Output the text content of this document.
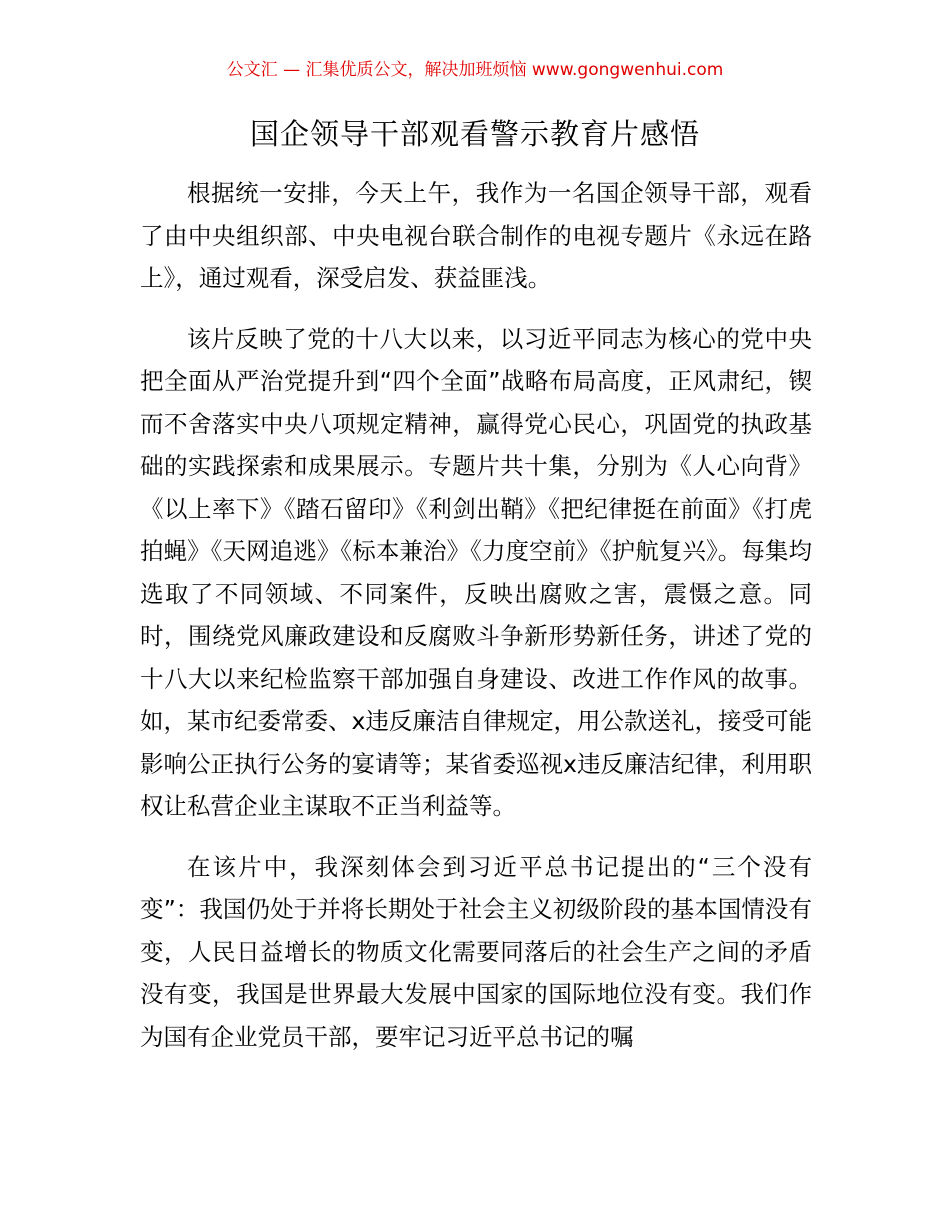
公文汇 — 汇集优质公文，解决加班烦恼 www.gongwenhui.com
国企领导干部观看警示教育片感悟

根据统一安排，今天上午，我作为一名国企领导干部，观看了由中央组织部、中央电视台联合制作的电视专题片《永远在路上》，通过观看，深受启发、获益匪浅。

该片反映了党的十八大以来，以习近平同志为核心的党中央把全面从严治党提升到“四个全面”战略布局高度，正风肃纪，锲而不舍落实中央八项规定精神，赢得党心民心，巩固党的执政基础的实践探索和成果展示。专题片共十集，分别为《人心向背》《以上率下》《踏石留印》《利剑出鞘》《把纪律挺在前面》《打虎拍蝇》《天网追逃》《标本兼治》《力度空前》《护航复兴》。每集均选取了不同领域、不同案件，反映出腐败之害，震慑之意。同时，围绕党风廉政建设和反腐败斗争新形势新任务，讲述了党的十八大以来纪检监察干部加强自身建设、改进工作作风的故事。如，某市纪委常委、x违反廉洁自律规定，用公款送礼，接受可能影响公正执行公务的宴请等；某省委巡视x违反廉洁纪律，利用职权让私营企业主谋取不正当利益等。

在该片中，我深刻体会到习近平总书记提出的“三个没有变”：我国仍处于并将长期处于社会主义初级阶段的基本国情没有变，人民日益增长的物质文化需要同落后的社会生产之间的矛盾没有变，我国是世界最大发展中国家的国际地位没有变。我们作为国有企业党员干部，要牢记习近平总书记的嘱
